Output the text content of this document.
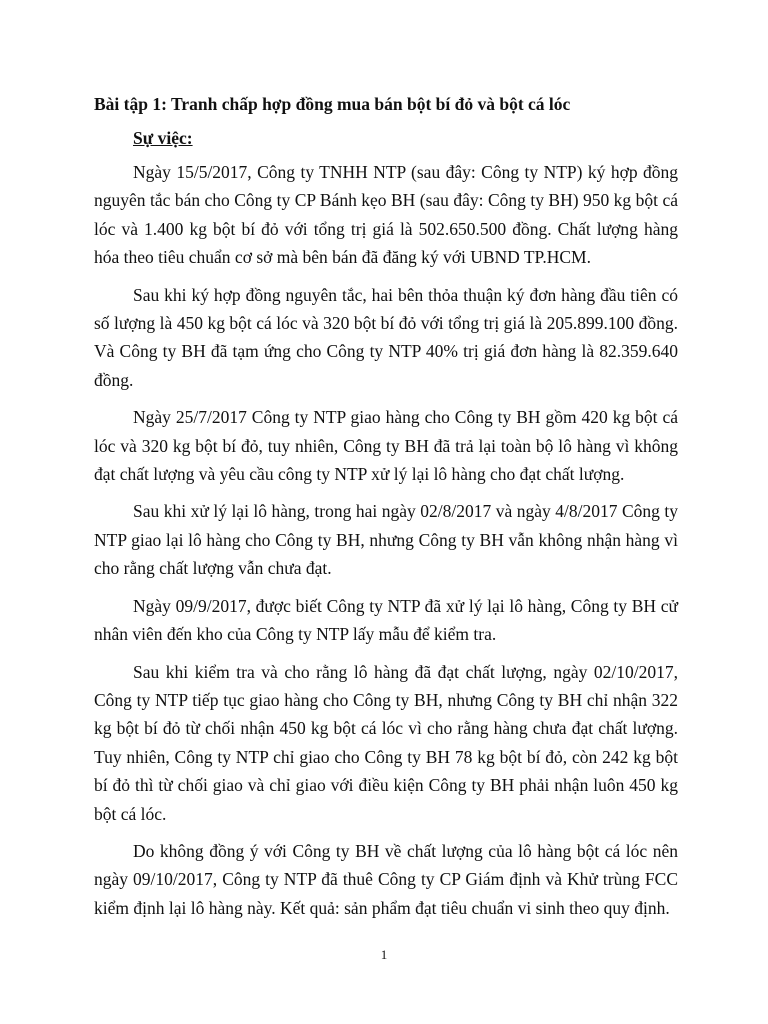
Bài tập 1: Tranh chấp hợp đồng mua bán bột bí đỏ và bột cá lóc

Sự việc:

Ngày 15/5/2017, Công ty TNHH NTP (sau đây: Công ty NTP) ký hợp đồng nguyên tắc bán cho Công ty CP Bánh kẹo BH (sau đây: Công ty BH) 950 kg bột cá lóc và 1.400 kg bột bí đỏ với tổng trị giá là 502.650.500 đồng. Chất lượng hàng hóa theo tiêu chuẩn cơ sở mà bên bán đã đăng ký với UBND TP.HCM.

Sau khi ký hợp đồng nguyên tắc, hai bên thỏa thuận ký đơn hàng đầu tiên có số lượng là 450 kg bột cá lóc và 320 bột bí đỏ với tổng trị giá là 205.899.100 đồng. Và Công ty BH đã tạm ứng cho Công ty NTP 40% trị giá đơn hàng là 82.359.640 đồng.

Ngày 25/7/2017 Công ty NTP giao hàng cho Công ty BH gồm 420 kg bột cá lóc và 320 kg bột bí đỏ, tuy nhiên, Công ty BH đã trả lại toàn bộ lô hàng vì không đạt chất lượng và yêu cầu công ty NTP xử lý lại lô hàng cho đạt chất lượng.

Sau khi xử lý lại lô hàng, trong hai ngày 02/8/2017 và ngày 4/8/2017 Công ty NTP giao lại lô hàng cho Công ty BH, nhưng Công ty BH vẫn không nhận hàng vì cho rằng chất lượng vẫn chưa đạt.

Ngày 09/9/2017, được biết Công ty NTP đã xử lý lại lô hàng, Công ty BH cử nhân viên đến kho của Công ty NTP lấy mẫu để kiểm tra.

Sau khi kiểm tra và cho rằng lô hàng đã đạt chất lượng, ngày 02/10/2017, Công ty NTP tiếp tục giao hàng cho Công ty BH, nhưng Công ty BH chỉ nhận 322 kg bột bí đỏ từ chối nhận 450 kg bột cá lóc vì cho rằng hàng chưa đạt chất lượng. Tuy nhiên, Công ty NTP chỉ giao cho Công ty BH 78 kg bột bí đỏ, còn 242 kg bột bí đỏ thì từ chối giao và chỉ giao với điều kiện Công ty BH phải nhận luôn 450 kg bột cá lóc.

Do không đồng ý với Công ty BH về chất lượng của lô hàng bột cá lóc nên ngày 09/10/2017, Công ty NTP đã thuê Công ty CP Giám định và Khử trùng FCC kiểm định lại lô hàng này. Kết quả: sản phẩm đạt tiêu chuẩn vi sinh theo quy định.

1
